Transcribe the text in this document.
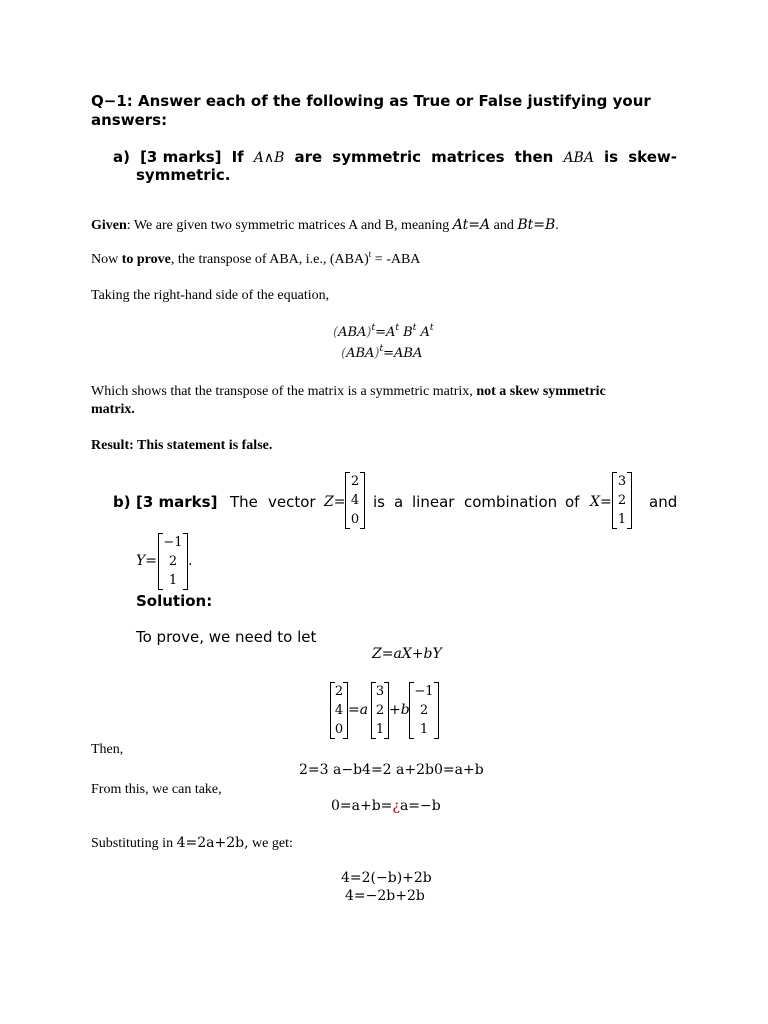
Q−1: Answer each of the following as True or False justifying your
answers:
a) [3 marks] If A∧B are symmetric matrices then ABA is skew-
symmetric.
Given: We are given two symmetric matrices A and B, meaning At=A and Bt=B.
Now to prove, the transpose of ABA, i.e., (ABA)$^t$ = -ABA
Taking the right-hand side of the equation,
$(ABA)^t=A^t$ $B^t$ $A^t$
(ABA)$^t$=ABA
Which shows that the transpose of the matrix is a symmetric matrix, not a skew symmetric
matrix.
Result: This statement is false.
b) [3 marks] The vector Z=
2
4
0
is a linear combination of X=
3
2
1
and
Y=
−1
2
1
.
Solution:
To prove, we need to let
Z=aX+bY
2
4
0
=a
3
2
1
+b
−1
2
1
Then,
2=3 a−b4=2 a+2b0=a+b
From this, we can take,
0=a+b=¿a=−b
Substituting in 4=2a+2b, we get:
4=2(−b)+2b
4=−2b+2b
